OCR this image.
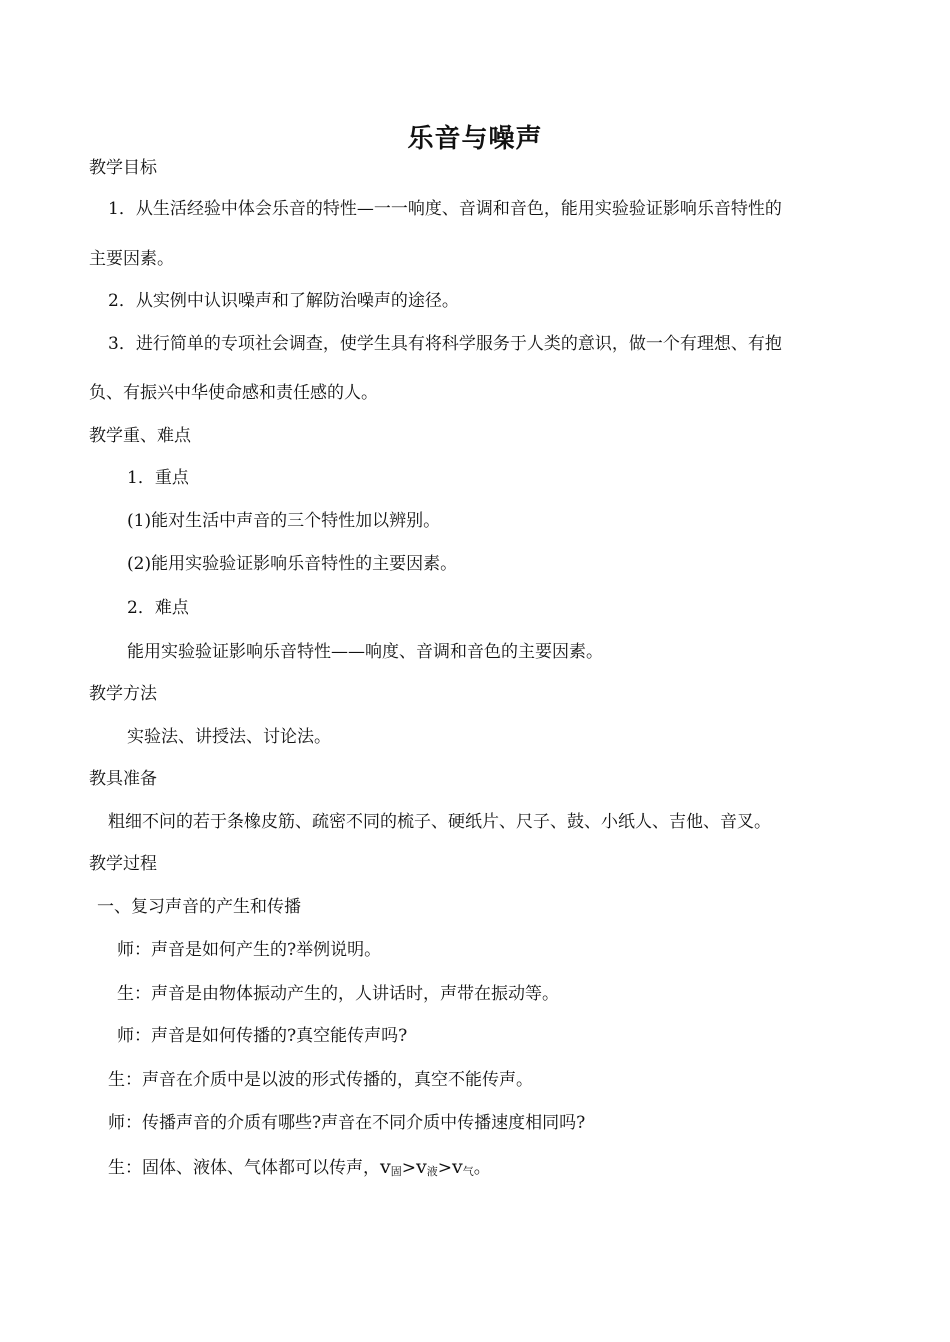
乐音与噪声
教学目标
1．从生活经验中体会乐音的特性—一一响度、音调和音色，能用实验验证影响乐音特性的
主要因素。
2．从实例中认识噪声和了解防治噪声的途径。
3．进行简单的专项社会调查，使学生具有将科学服务于人类的意识，做一个有理想、有抱
负、有振兴中华使命感和责任感的人。
教学重、难点
1．重点
(1)能对生活中声音的三个特性加以辨别。
(2)能用实验验证影响乐音特性的主要因素。
2．难点
能用实验验证影响乐音特性——响度、音调和音色的主要因素。
教学方法
实验法、讲授法、讨论法。
教具准备
粗细不问的若于条橡皮筋、疏密不同的梳子、硬纸片、尺子、鼓、小纸人、吉他、音叉。
教学过程
一、复习声音的产生和传播
师：声音是如何产生的?举例说明。
生：声音是由物体振动产生的，人讲话时，声带在振动等。
师：声音是如何传播的?真空能传声吗?
生：声音在介质中是以波的形式传播的，真空不能传声。
师：传播声音的介质有哪些?声音在不同介质中传播速度相同吗?
生：固体、液体、气体都可以传声，$v_固>v_液>v_气$。
